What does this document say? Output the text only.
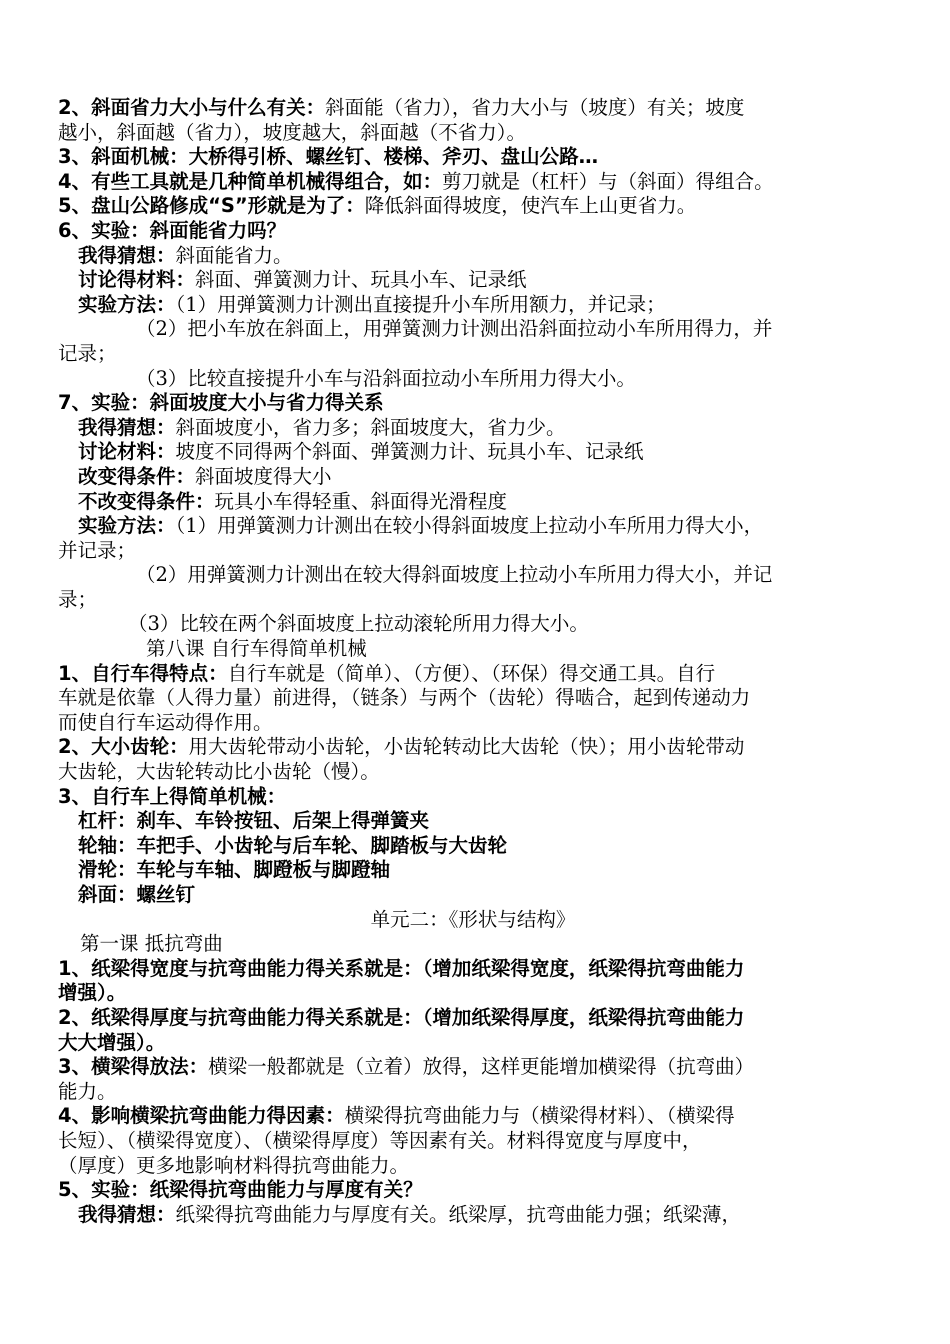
2、斜面省力大小与什么有关：斜面能（省力），省力大小与（坡度）有关；坡度
越小，斜面越（省力），坡度越大，斜面越（不省力）。
3、斜面机械：大桥得引桥、螺丝钉、楼梯、斧刃、盘山公路…
4、有些工具就是几种简单机械得组合，如：剪刀就是（杠杆）与（斜面）得组合。
5、盘山公路修成“S”形就是为了：降低斜面得坡度，使汽车上山更省力。
6、实验：斜面能省力吗？
我得猜想：斜面能省力。
讨论得材料：斜面、弹簧测力计、玩具小车、记录纸
实验方法：（1）用弹簧测力计测出直接提升小车所用额力，并记录；
（2）把小车放在斜面上，用弹簧测力计测出沿斜面拉动小车所用得力，并
记录；
（3）比较直接提升小车与沿斜面拉动小车所用力得大小。
7、实验：斜面坡度大小与省力得关系
我得猜想：斜面坡度小，省力多；斜面坡度大，省力少。
讨论材料：坡度不同得两个斜面、弹簧测力计、玩具小车、记录纸
改变得条件：斜面坡度得大小
不改变得条件：玩具小车得轻重、斜面得光滑程度
实验方法：（1）用弹簧测力计测出在较小得斜面坡度上拉动小车所用力得大小，
并记录；
（2）用弹簧测力计测出在较大得斜面坡度上拉动小车所用力得大小，并记
录；
（3）比较在两个斜面坡度上拉动滚轮所用力得大小。
第八课 自行车得简单机械
1、自行车得特点：自行车就是（简单）、（方便）、（环保）得交通工具。自行
车就是依靠（人得力量）前进得，（链条）与两个（齿轮）得啮合，起到传递动力
而使自行车运动得作用。
2、大小齿轮：用大齿轮带动小齿轮，小齿轮转动比大齿轮（快）；用小齿轮带动
大齿轮，大齿轮转动比小齿轮（慢）。
3、自行车上得简单机械：
杠杆：刹车、车铃按钮、后架上得弹簧夹
轮轴：车把手、小齿轮与后车轮、脚踏板与大齿轮
滑轮：车轮与车轴、脚蹬板与脚蹬轴
斜面：螺丝钉
单元二：《形状与结构》
第一课 抵抗弯曲
1、纸梁得宽度与抗弯曲能力得关系就是：（增加纸梁得宽度，纸梁得抗弯曲能力
增强）。
2、纸梁得厚度与抗弯曲能力得关系就是：（增加纸梁得厚度，纸梁得抗弯曲能力
大大增强）。
3、横梁得放法：横梁一般都就是（立着）放得，这样更能增加横梁得（抗弯曲）
能力。
4、影响横梁抗弯曲能力得因素：横梁得抗弯曲能力与（横梁得材料）、（横梁得
长短）、（横梁得宽度）、（横梁得厚度）等因素有关。材料得宽度与厚度中，
（厚度）更多地影响材料得抗弯曲能力。
5、实验：纸梁得抗弯曲能力与厚度有关？
我得猜想：纸梁得抗弯曲能力与厚度有关。纸梁厚，抗弯曲能力强；纸梁薄，
